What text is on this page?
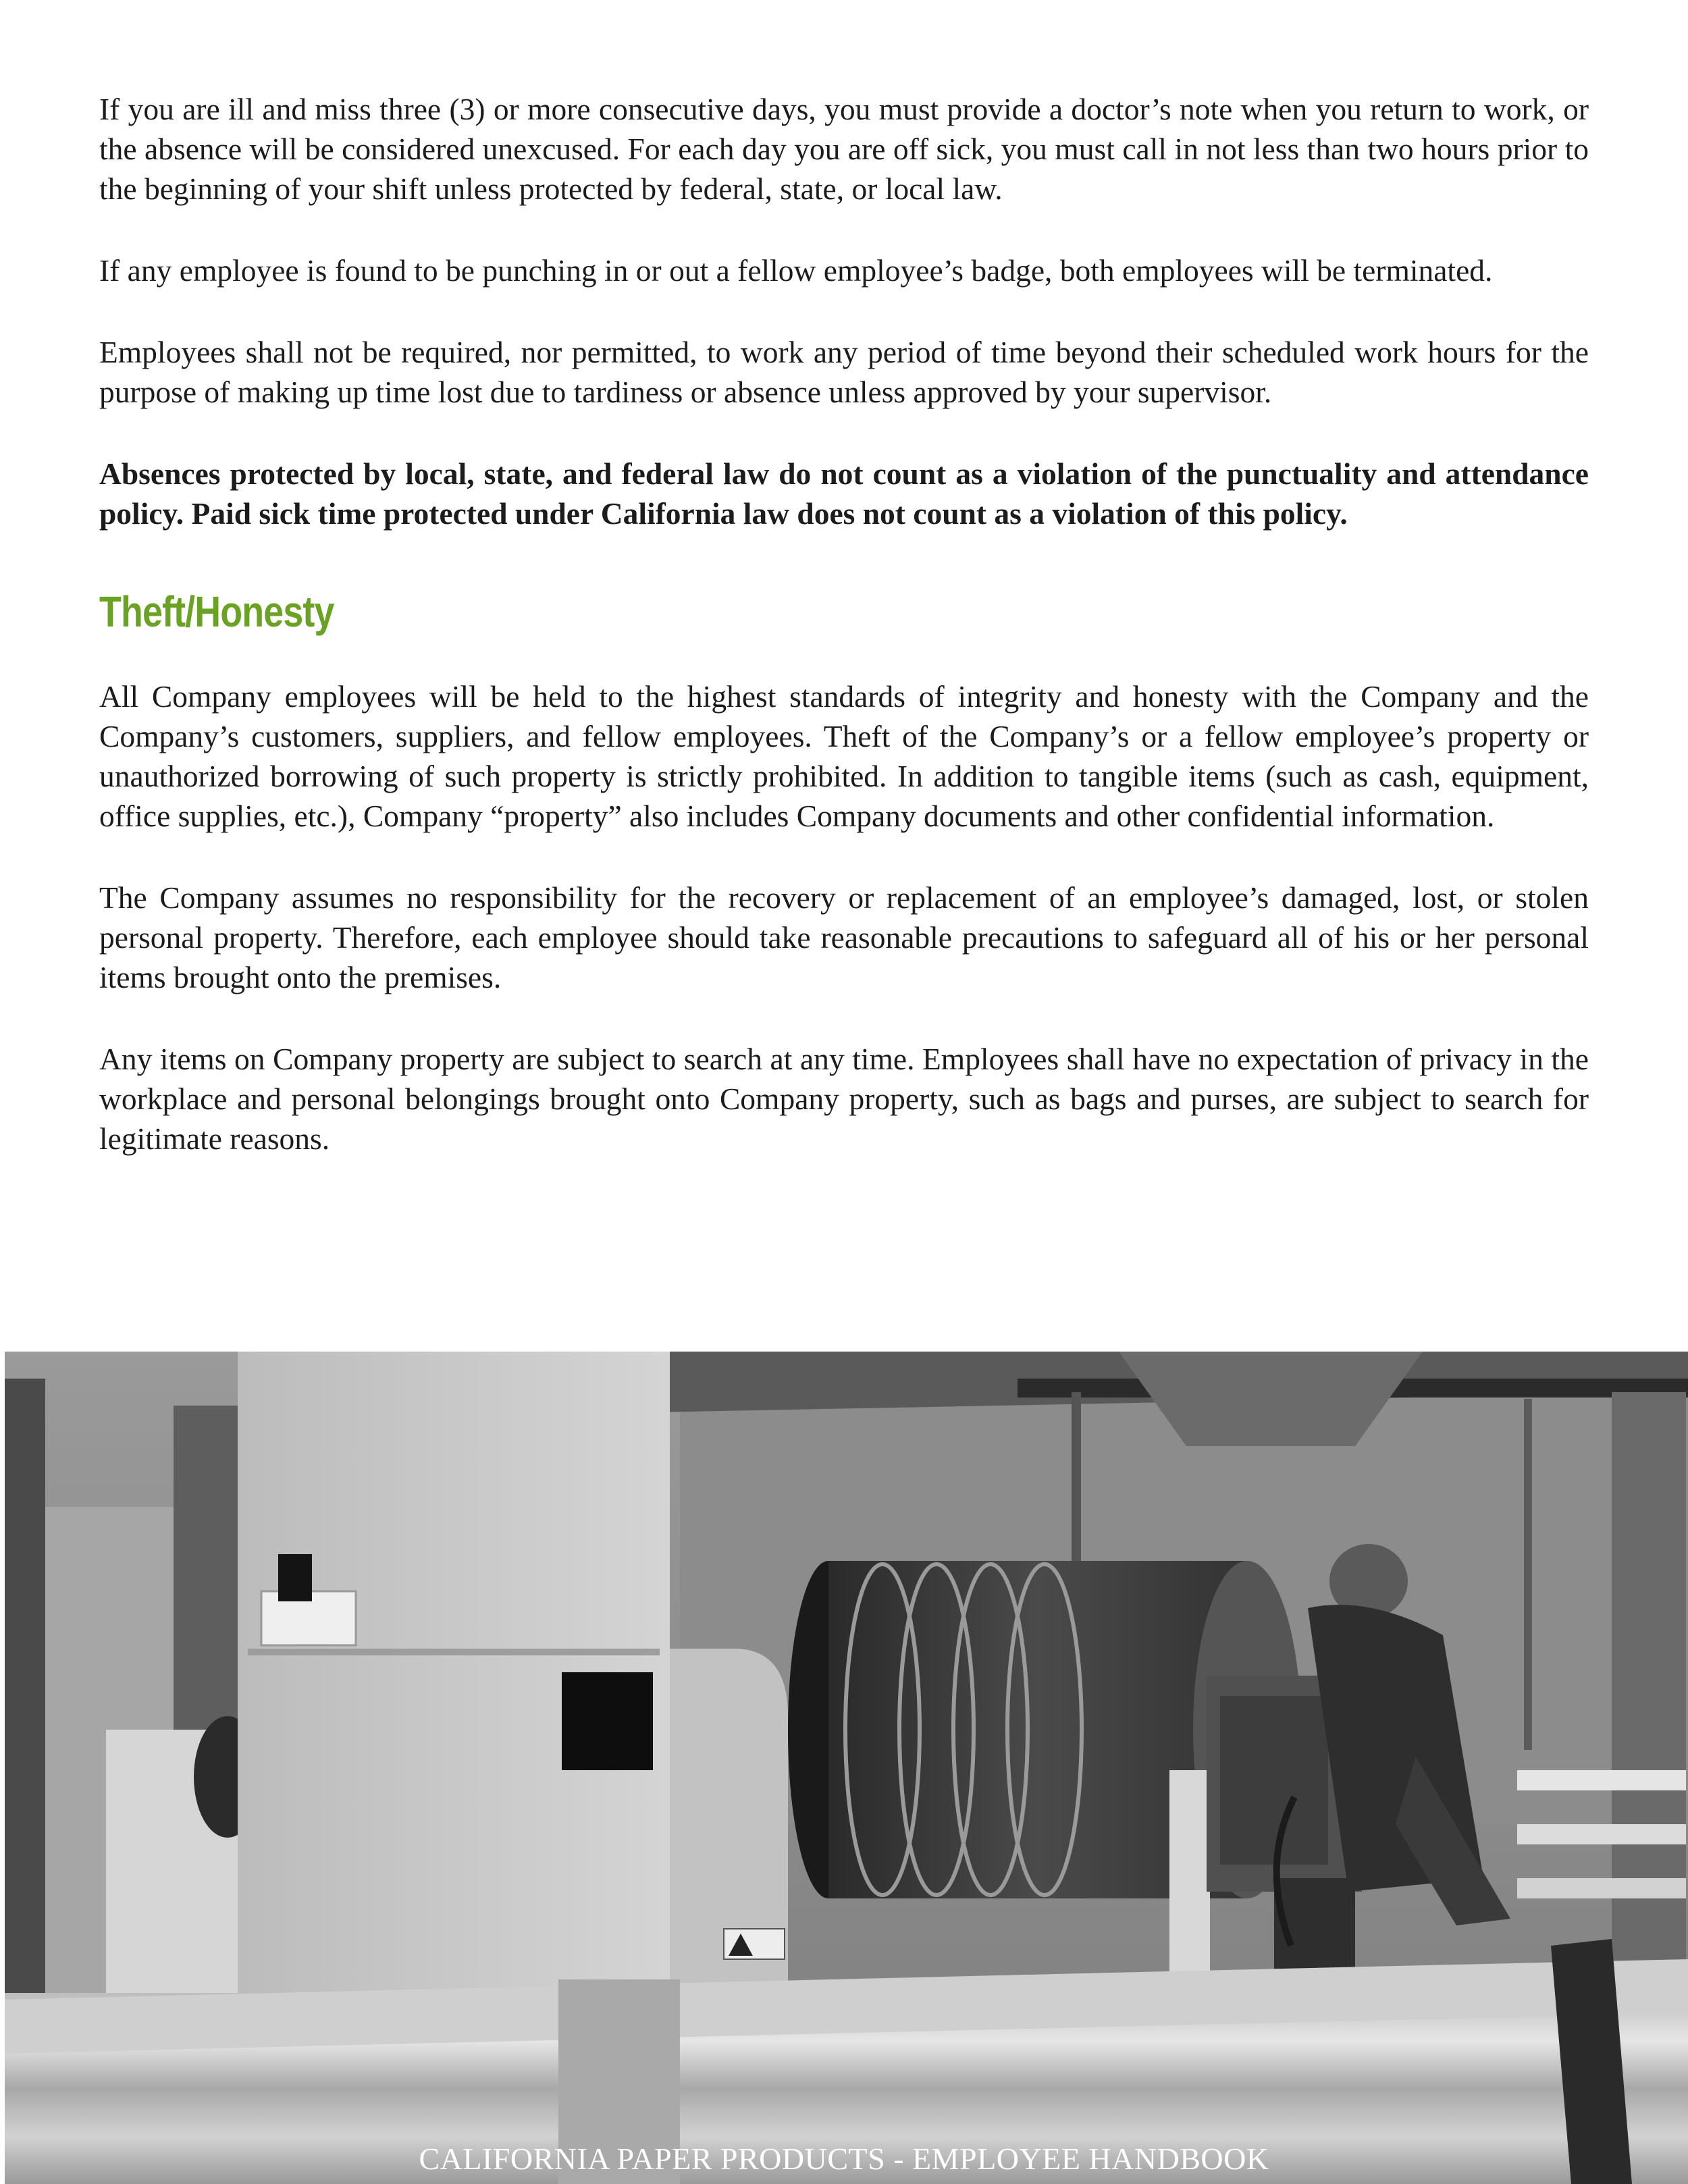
If you are ill and miss three (3) or more consecutive days, you must provide a doctor’s note when you return to work, or the absence will be considered unexcused. For each day you are off sick, you must call in not less than two hours prior to the beginning of your shift unless protected by federal, state, or local law.

If any employee is found to be punching in or out a fellow employee’s badge, both employees will be terminated.

Employees shall not be required, nor permitted, to work any period of time beyond their scheduled work hours for the purpose of making up time lost due to tardiness or absence unless approved by your supervisor.

Absences protected by local, state, and federal law do not count as a violation of the punctuality and attendance policy. Paid sick time protected under California law does not count as a violation of this policy.

Theft/Honesty

All Company employees will be held to the highest standards of integrity and honesty with the Company and the Company’s customers, suppliers, and fellow employees. Theft of the Company’s or a fellow employee’s property or unauthorized borrowing of such property is strictly prohibited. In addition to tangible items (such as cash, equipment, office supplies, etc.), Company “property” also includes Company documents and other confidential information.

The Company assumes no responsibility for the recovery or replacement of an employee’s damaged, lost, or stolen personal property. Therefore, each employee should take reasonable precautions to safeguard all of his or her personal items brought onto the premises.

Any items on Company property are subject to search at any time. Employees shall have no expectation of privacy in the workplace and personal belongings brought onto Company property, such as bags and purses, are subject to search for legitimate reasons.

CALIFORNIA PAPER PRODUCTS - EMPLOYEE HANDBOOK
